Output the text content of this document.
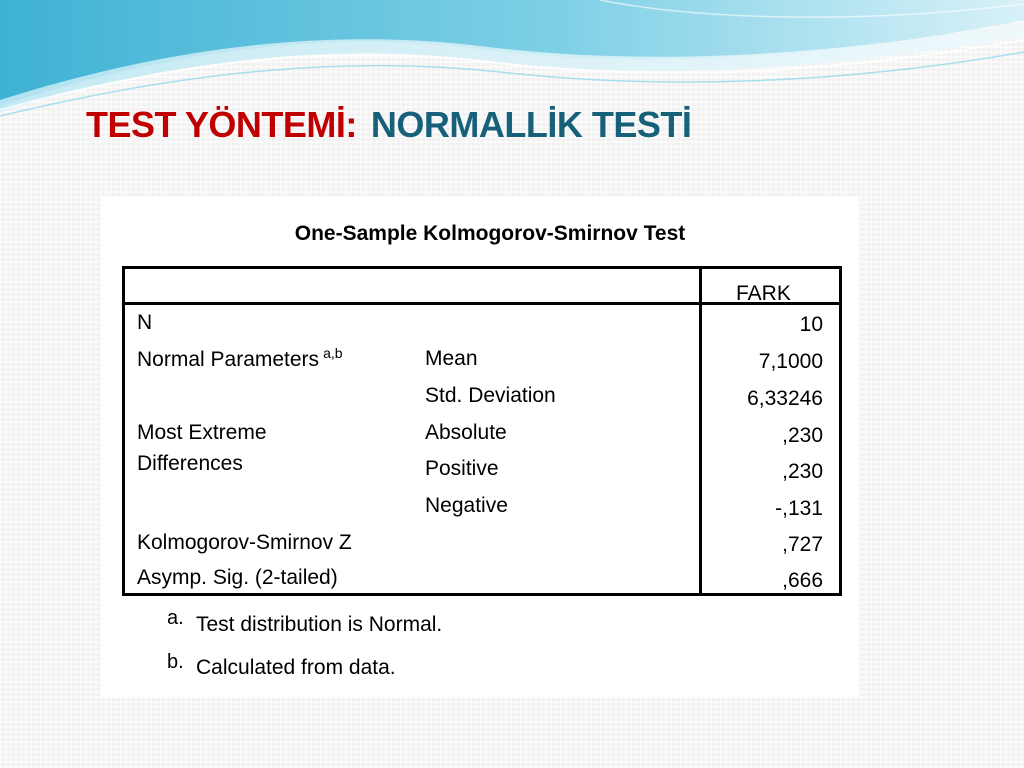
TEST YÖNTEMİ: NORMALLİK TESTİ
One-Sample Kolmogorov-Smirnov Test
FARK
N	10
Normal Parameters $^{a,b}$	Mean	7,1000
Std. Deviation	6,33246
Most Extreme
Differences
Absolute	,230
Positive	,230
Negative	-,131
Kolmogorov-Smirnov Z	,727
Asymp. Sig. (2-tailed)	,666
a. Test distribution is Normal.
b. Calculated from data.
